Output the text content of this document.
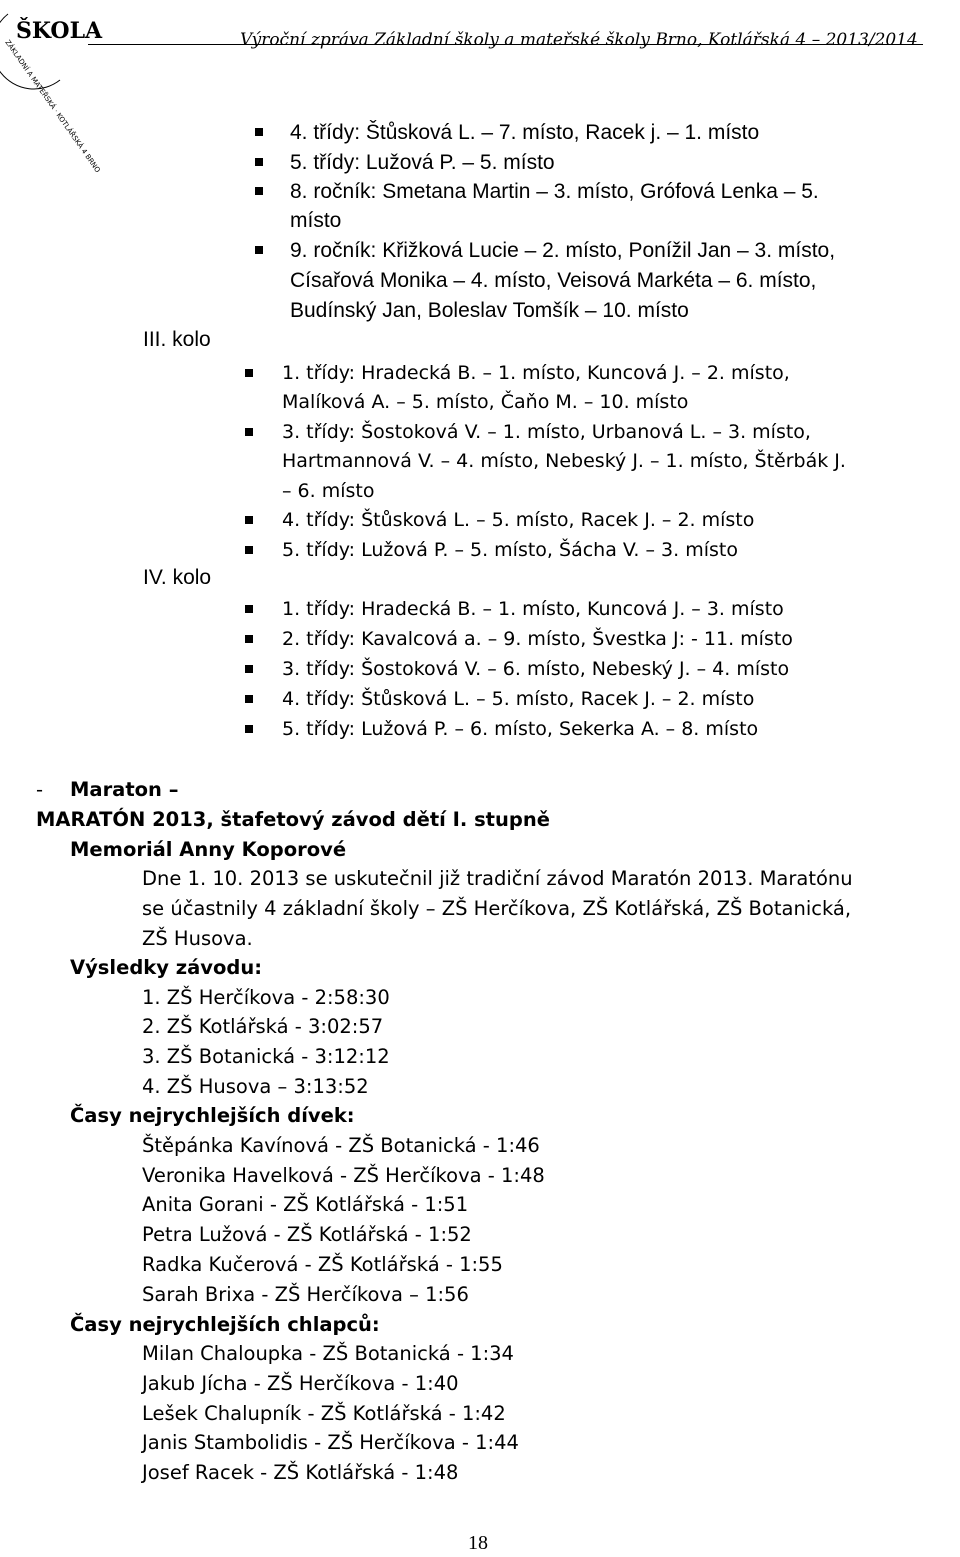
ŠKOLA
ZÁKLADNÍ A MATEŘSKÁ · KOTLÁŘSKÁ 4 BRNO	Výroční zpráva Základní školy a mateřské školy Brno, Kotlářská 4 – 2013/2014
4. třídy: Štůsková L. – 7. místo, Racek j. – 1. místo
5. třídy: Lužová P. – 5. místo
8. ročník: Smetana Martin – 3. místo, Grófová Lenka – 5.
místo
9. ročník: Křižková Lucie – 2. místo, Ponížil Jan – 3. místo,
Císařová Monika – 4. místo, Veisová Markéta – 6. místo,
Budínský Jan, Boleslav Tomšík – 10. místo
III. kolo
1. třídy: Hradecká B. – 1. místo, Kuncová J. – 2. místo,
Malíková A. – 5. místo, Čaňo M. – 10. místo
3. třídy: Šostoková V. – 1. místo, Urbanová L. – 3. místo,
Hartmannová V. – 4. místo, Nebeský J. – 1. místo, Štěrbák J.
– 6. místo
4. třídy: Štůsková L. – 5. místo, Racek J. – 2. místo
5. třídy: Lužová P. – 5. místo, Šácha V. – 3. místo
IV. kolo
1. třídy: Hradecká B. – 1. místo, Kuncová J. – 3. místo
2. třídy: Kavalcová a. – 9. místo, Švestka J: - 11. místo
3. třídy: Šostoková V. – 6. místo, Nebeský J. – 4. místo
4. třídy: Štůsková L. – 5. místo, Racek J. – 2. místo
5. třídy: Lužová P. – 6. místo, Sekerka A. – 8. místo
- Maraton –
MARATÓN 2013, štafetový závod dětí I. stupně
Memoriál Anny Koporové
Dne 1. 10. 2013 se uskutečnil již tradiční závod Maratón 2013. Maratónu
se účastnily 4 základní školy – ZŠ Herčíkova, ZŠ Kotlářská, ZŠ Botanická,
ZŠ Husova.
Výsledky závodu:
1. ZŠ Herčíkova - 2:58:30
2. ZŠ Kotlářská - 3:02:57
3. ZŠ Botanická - 3:12:12
4. ZŠ Husova – 3:13:52
Časy nejrychlejších dívek:
Štěpánka Kavínová - ZŠ Botanická - 1:46
Veronika Havelková - ZŠ Herčíkova - 1:48
Anita Gorani - ZŠ Kotlářská - 1:51
Petra Lužová - ZŠ Kotlářská - 1:52
Radka Kučerová - ZŠ Kotlářská - 1:55
Sarah Brixa - ZŠ Herčíkova – 1:56
Časy nejrychlejších chlapců:
Milan Chaloupka - ZŠ Botanická - 1:34
Jakub Jícha - ZŠ Herčíkova - 1:40
Lešek Chalupník - ZŠ Kotlářská - 1:42
Janis Stambolidis - ZŠ Herčíkova - 1:44
Josef Racek - ZŠ Kotlářská - 1:48
18
